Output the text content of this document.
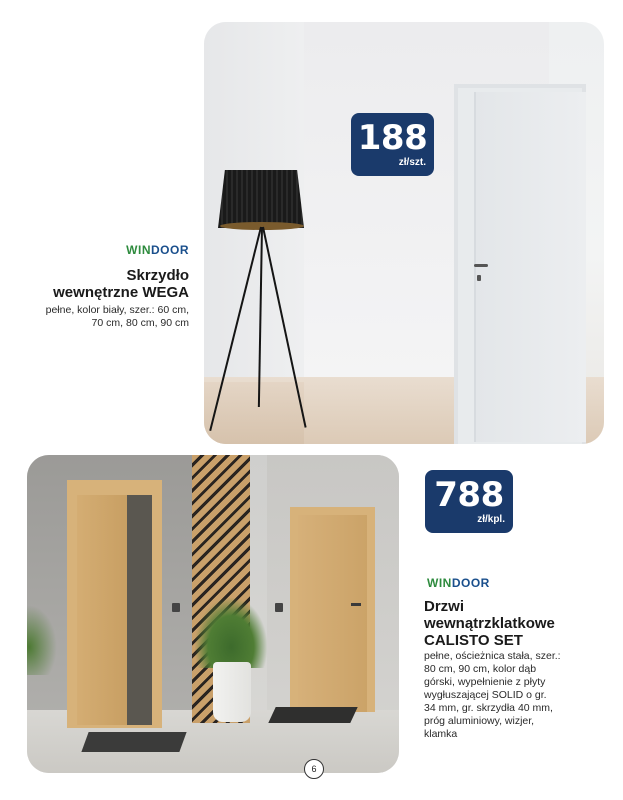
188
zł/szt.
WINDOOR
Skrzydło
wewnętrzne WEGA
pełne, kolor biały, szer.: 60 cm,
70 cm, 80 cm, 90 cm
788
zł/kpl.
WINDOOR
Drzwi
wewnątrzklatkowe
CALISTO SET
pełne, ościeżnica stała, szer.:
80 cm, 90 cm, kolor dąb
górski, wypełnienie z płyty
wygłuszającej SOLID o gr.
34 mm, gr. skrzydła 40 mm,
próg aluminiowy, wizjer,
klamka
6
